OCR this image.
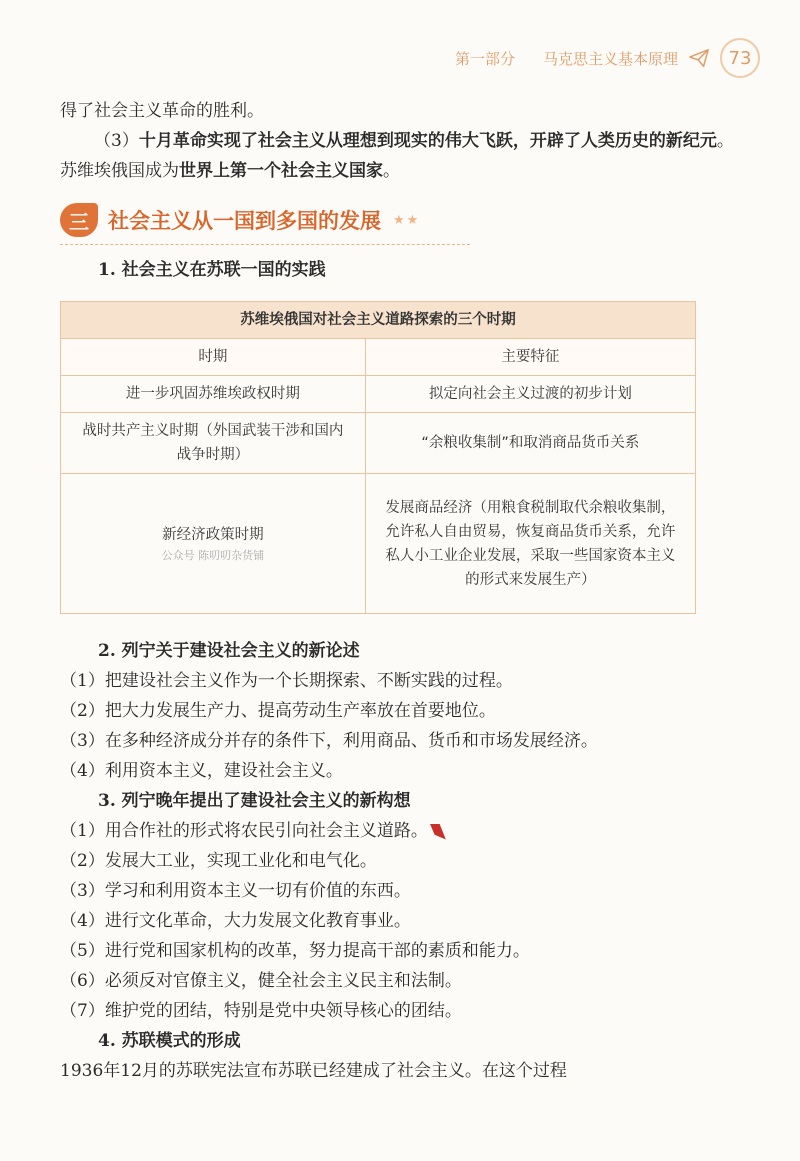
第一部分 马克思主义基本原理	73

得了社会主义革命的胜利。

（3）十月革命实现了社会主义从理想到现实的伟大飞跃，开辟了人类历史的新纪元。苏维埃俄国成为世界上第一个社会主义国家。

三 社会主义从一国到多国的发展 ★★
1. 社会主义在苏联一国的实践
苏维埃俄国对社会主义道路探索的三个时期	
时期	主要特征
进一步巩固苏维埃政权时期	拟定向社会主义过渡的初步计划
战时共产主义时期（外国武装干涉和国内战争时期）	“余粮收集制”和取消商品货币关系

新经济政策时期
公众号 陈叨叨杂货铺	发展商品经济（用粮食税制取代余粮收集制，允许私人自由贸易，恢复商品货币关系，允许私人小工业企业发展，采取一些国家资本主义的形式来发展生产）
2. 列宁关于建设社会主义的新论述

（1）把建设社会主义作为一个长期探索、不断实践的过程。

（2）把大力发展生产力、提高劳动生产率放在首要地位。

（3）在多种经济成分并存的条件下，利用商品、货币和市场发展经济。

（4）利用资本主义，建设社会主义。

3. 列宁晚年提出了建设社会主义的新构想

（1）用合作社的形式将农民引向社会主义道路。

（2）发展大工业，实现工业化和电气化。

（3）学习和利用资本主义一切有价值的东西。

（4）进行文化革命，大力发展文化教育事业。

（5）进行党和国家机构的改革，努力提高干部的素质和能力。

（6）必须反对官僚主义，健全社会主义民主和法制。

（7）维护党的团结，特别是党中央领导核心的团结。

4. 苏联模式的形成

1936年12月的苏联宪法宣布苏联已经建成了社会主义。在这个过程
